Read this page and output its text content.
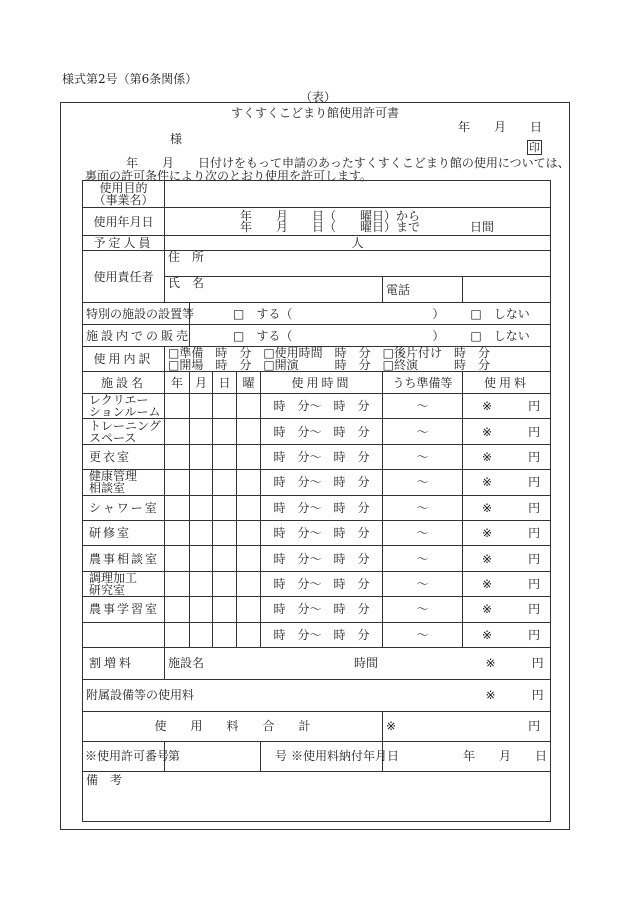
様式第2号（第6条関係）
（表）
すくすくこどまり館使用許可書
年　　月　　日
様
印
年　　月　　日付けをもって申請のあったすくすくこどまり館の使用については、
裏面の許可条件により次のとおり使用を許可します。
使用目的
（事業名）							
使用年月日	年　　月　　日（　　曜日）から
年　　月　　日（　　曜日）まで 日間						

予定人員	人						
使用責任者	住　所						
	氏　名					電話	
特別の施設の設置等		□　する（ ） □　しない					
施設内での販売		□　する（ ） □　しない					
使用内訳	□準備　時　分　□使用時間　時　分　□後片付け　時　分
□開場　時　分　□開演　　　時　分　□終演　　　時　分						
施設名	年	月	日	曜	使用時間	うち準備等	使用料
レクリエー
ションルーム					時　分～　時　分	～	※ 円
トレーニング
スペース					時　分～　時　分	～	※ 円
更衣室					時　分～　時　分	～	※ 円
健康管理
相談室					時　分～　時　分	～	※ 円
シャワー室					時　分～　時　分	～	※ 円
研修室					時　分～　時　分	～	※ 円
農事相談室					時　分～　時　分	～	※ 円
調理加工
研究室					時　分～　時　分	～	※ 円
農事学習室					時　分～　時　分	～	※ 円
					時　分～　時　分	～	※ 円
割増料	施設名 時間						※ 円
附属設備等の使用料							※ 円
使　　用　　料　　合　　計						※ 円	
※使用許可番号	第				号 ※使用料納付年月日	年　　月　　日	
備　考							
